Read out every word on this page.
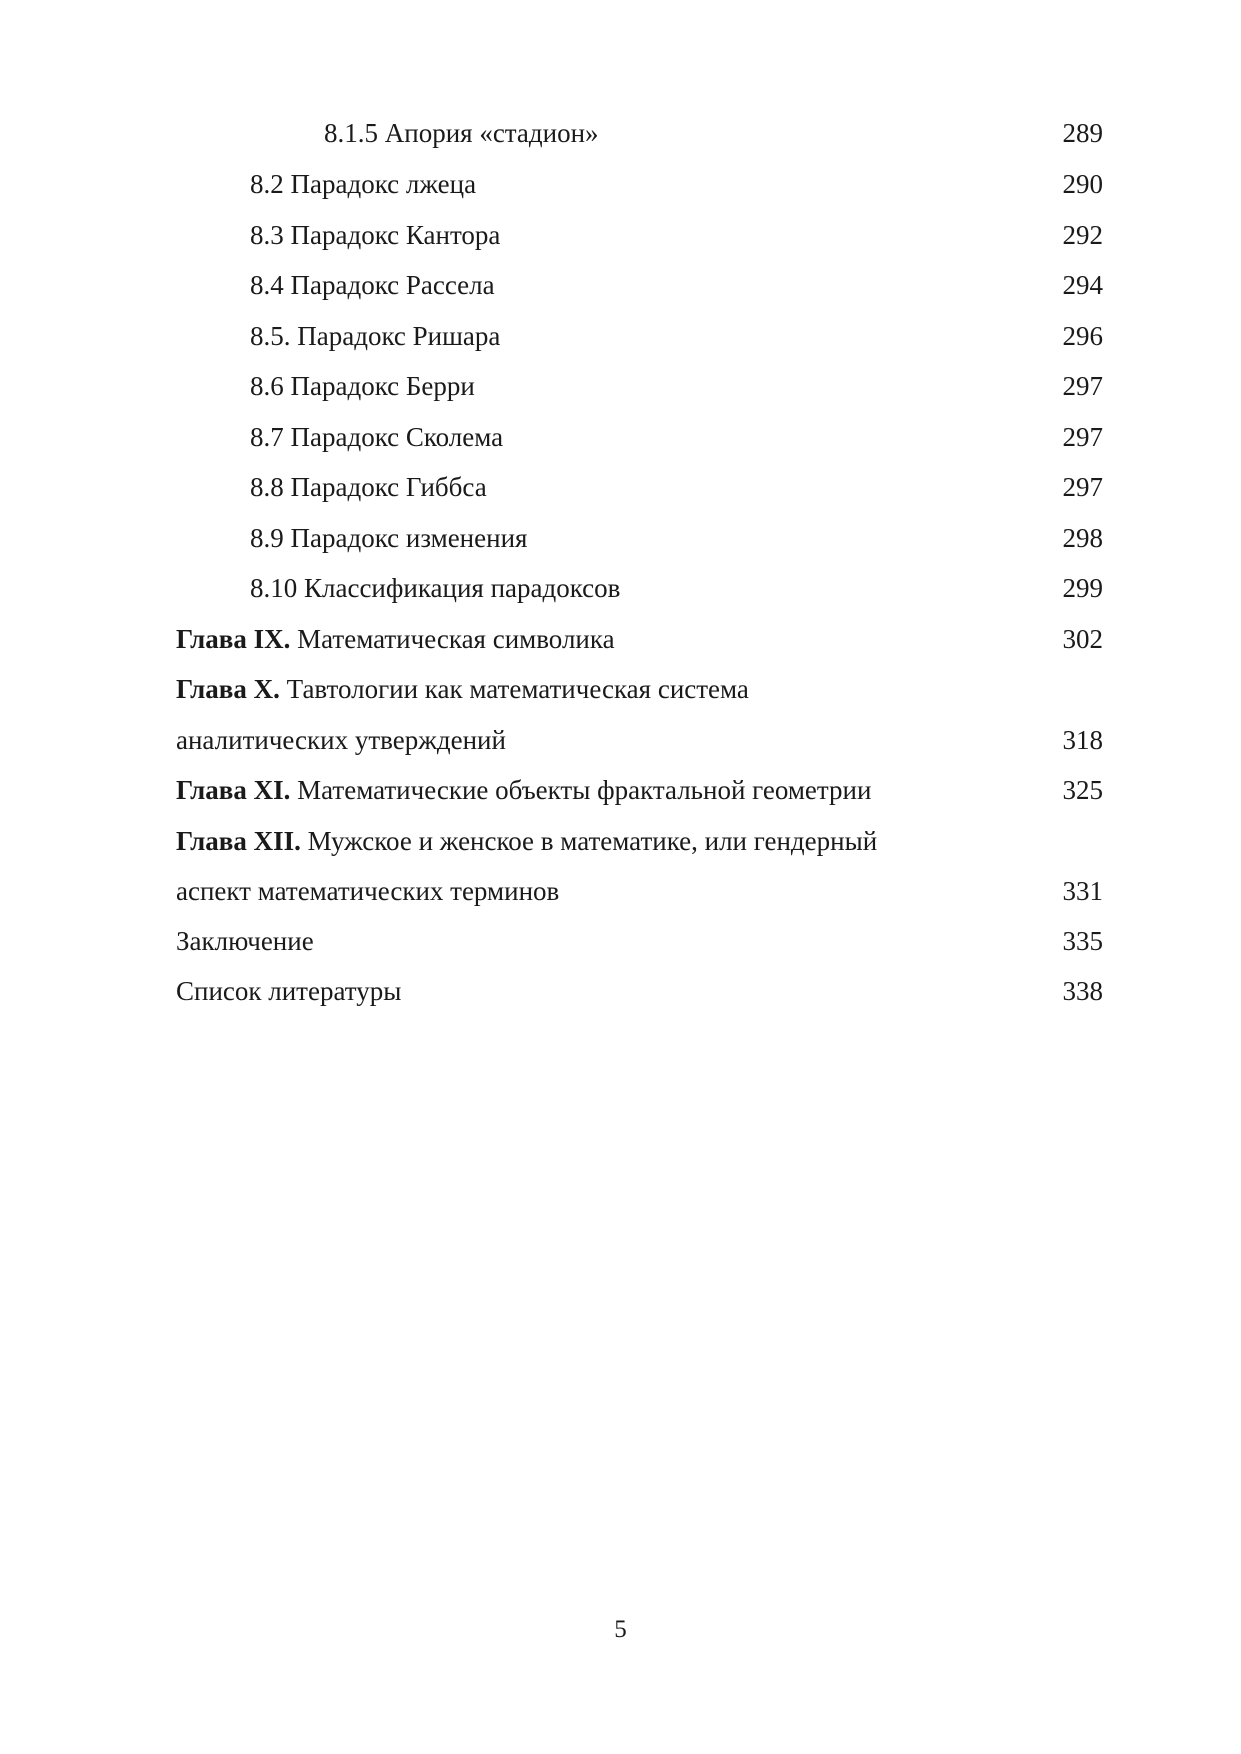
8.1.5 Апория «стадион»	289
8.2 Парадокс лжеца	290
8.3 Парадокс Кантора	292
8.4 Парадокс Рассела	294
8.5. Парадокс Ришара	296
8.6 Парадокс Берри	297
8.7 Парадокс Сколема	297
8.8 Парадокс Гиббса	297
8.9 Парадокс изменения	298
8.10 Классификация парадоксов	299
Глава IX. Математическая символика	302
Глава X. Тавтологии как математическая система
аналитических утверждений	318
Глава XI. Математические объекты фрактальной геометрии	325
Глава XII. Мужское и женское в математике, или гендерный
аспект математических терминов	331
Заключение	335
Список литературы	338
5
